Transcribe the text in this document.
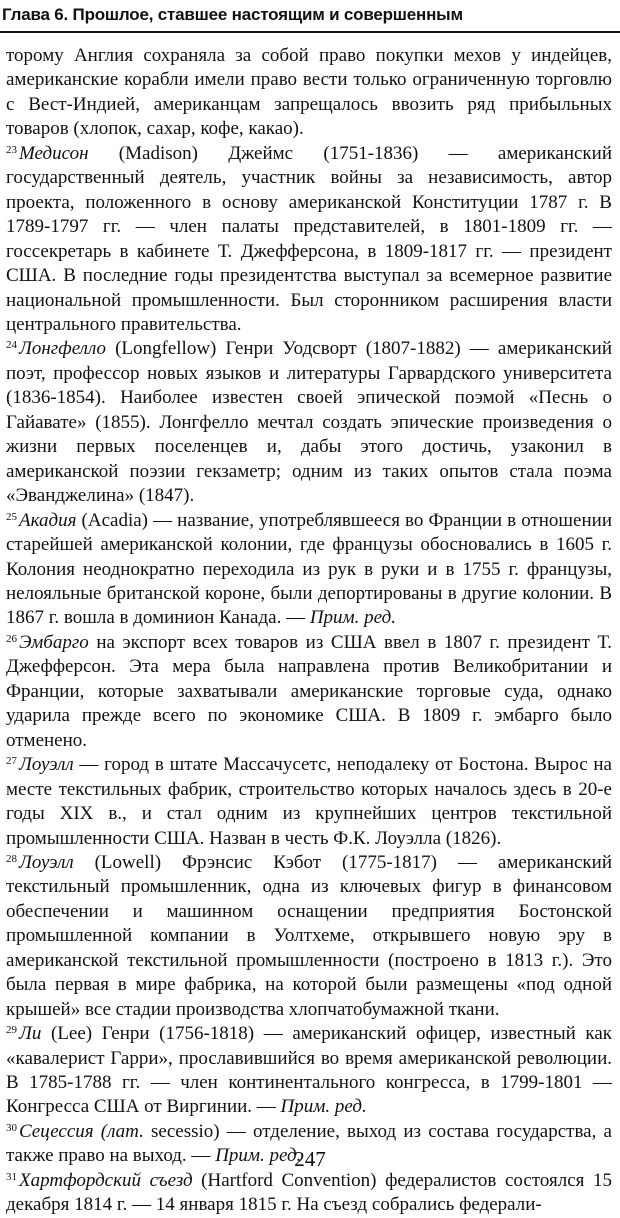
Глава 6. Прошлое, ставшее настоящим и совершенным

торому Англия сохраняла за собой право покупки мехов у индейцев, американские корабли имели право вести только ограниченную торговлю с Вест-Индией, американцам запрещалось ввозить ряд прибыльных товаров (хлопок, сахар, кофе, какао).

$^{23}$ Медисон (Madison) Джеймс (1751-1836) — американский государственный деятель, участник войны за независимость, автор проекта, положенного в основу американской Конституции 1787 г. В 1789-1797 гг. — член палаты представителей, в 1801-1809 гг. — госсекретарь в кабинете Т. Джефферсона, в 1809-1817 гг. — президент США. В последние годы президентства выступал за всемерное развитие национальной промышленности. Был сторонником расширения власти центрального правительства.

$^{24}$ Лонгфелло (Longfellow) Генри Уодсворт (1807-1882) — американский поэт, профессор новых языков и литературы Гарвардского университета (1836-1854). Наиболее известен своей эпической поэмой «Песнь о Гайавате» (1855). Лонгфелло мечтал создать эпические произведения о жизни первых поселенцев и, дабы этого достичь, узаконил в американской поэзии гекзаметр; одним из таких опытов стала поэма «Эванджелина» (1847).

$^{25}$ Акадия (Acadia) — название, употреблявшееся во Франции в отношении старейшей американской колонии, где французы обосновались в 1605 г. Колония неоднократно переходила из рук в руки и в 1755 г. французы, нелояльные британской короне, были депортированы в другие колонии. В 1867 г. вошла в доминион Канада. — Прим. ред.

$^{26}$ Эмбарго на экспорт всех товаров из США ввел в 1807 г. президент Т. Джефферсон. Эта мера была направлена против Великобритании и Франции, которые захватывали американские торговые суда, однако ударила прежде всего по экономике США. В 1809 г. эмбарго было отменено.

$^{27}$ Лоуэлл — город в штате Массачусетс, неподалеку от Бостона. Вырос на месте текстильных фабрик, строительство которых началось здесь в 20-е годы XIX в., и стал одним из крупнейших центров текстильной промышленности США. Назван в честь Ф.К. Лоуэлла (1826).

$^{28}$ Лоуэлл (Lowell) Фрэнсис Кэбот (1775-1817) — американский текстильный промышленник, одна из ключевых фигур в финансовом обеспечении и машинном оснащении предприятия Бостонской промышленной компании в Уолтхеме, открывшего новую эру в американской текстильной промышленности (построено в 1813 г.). Это была первая в мире фабрика, на которой были размещены «под одной крышей» все стадии производства хлопчатобумажной ткани.

$^{29}$ Ли (Lee) Генри (1756-1818) — американский офицер, известный как «кавалерист Гарри», прославившийся во время американской революции. В 1785-1788 гг. — член континентального конгресса, в 1799-1801 — Конгресса США от Виргинии. — Прим. ред.

$^{30}$ Сецессия (лат. secessio) — отделение, выход из состава государства, а также право на выход. — Прим. ред.

$^{31}$ Хартфордский съезд (Hartford Convention) федералистов состоялся 15 декабря 1814 г. — 14 января 1815 г. На съезд собрались федерали-

247
